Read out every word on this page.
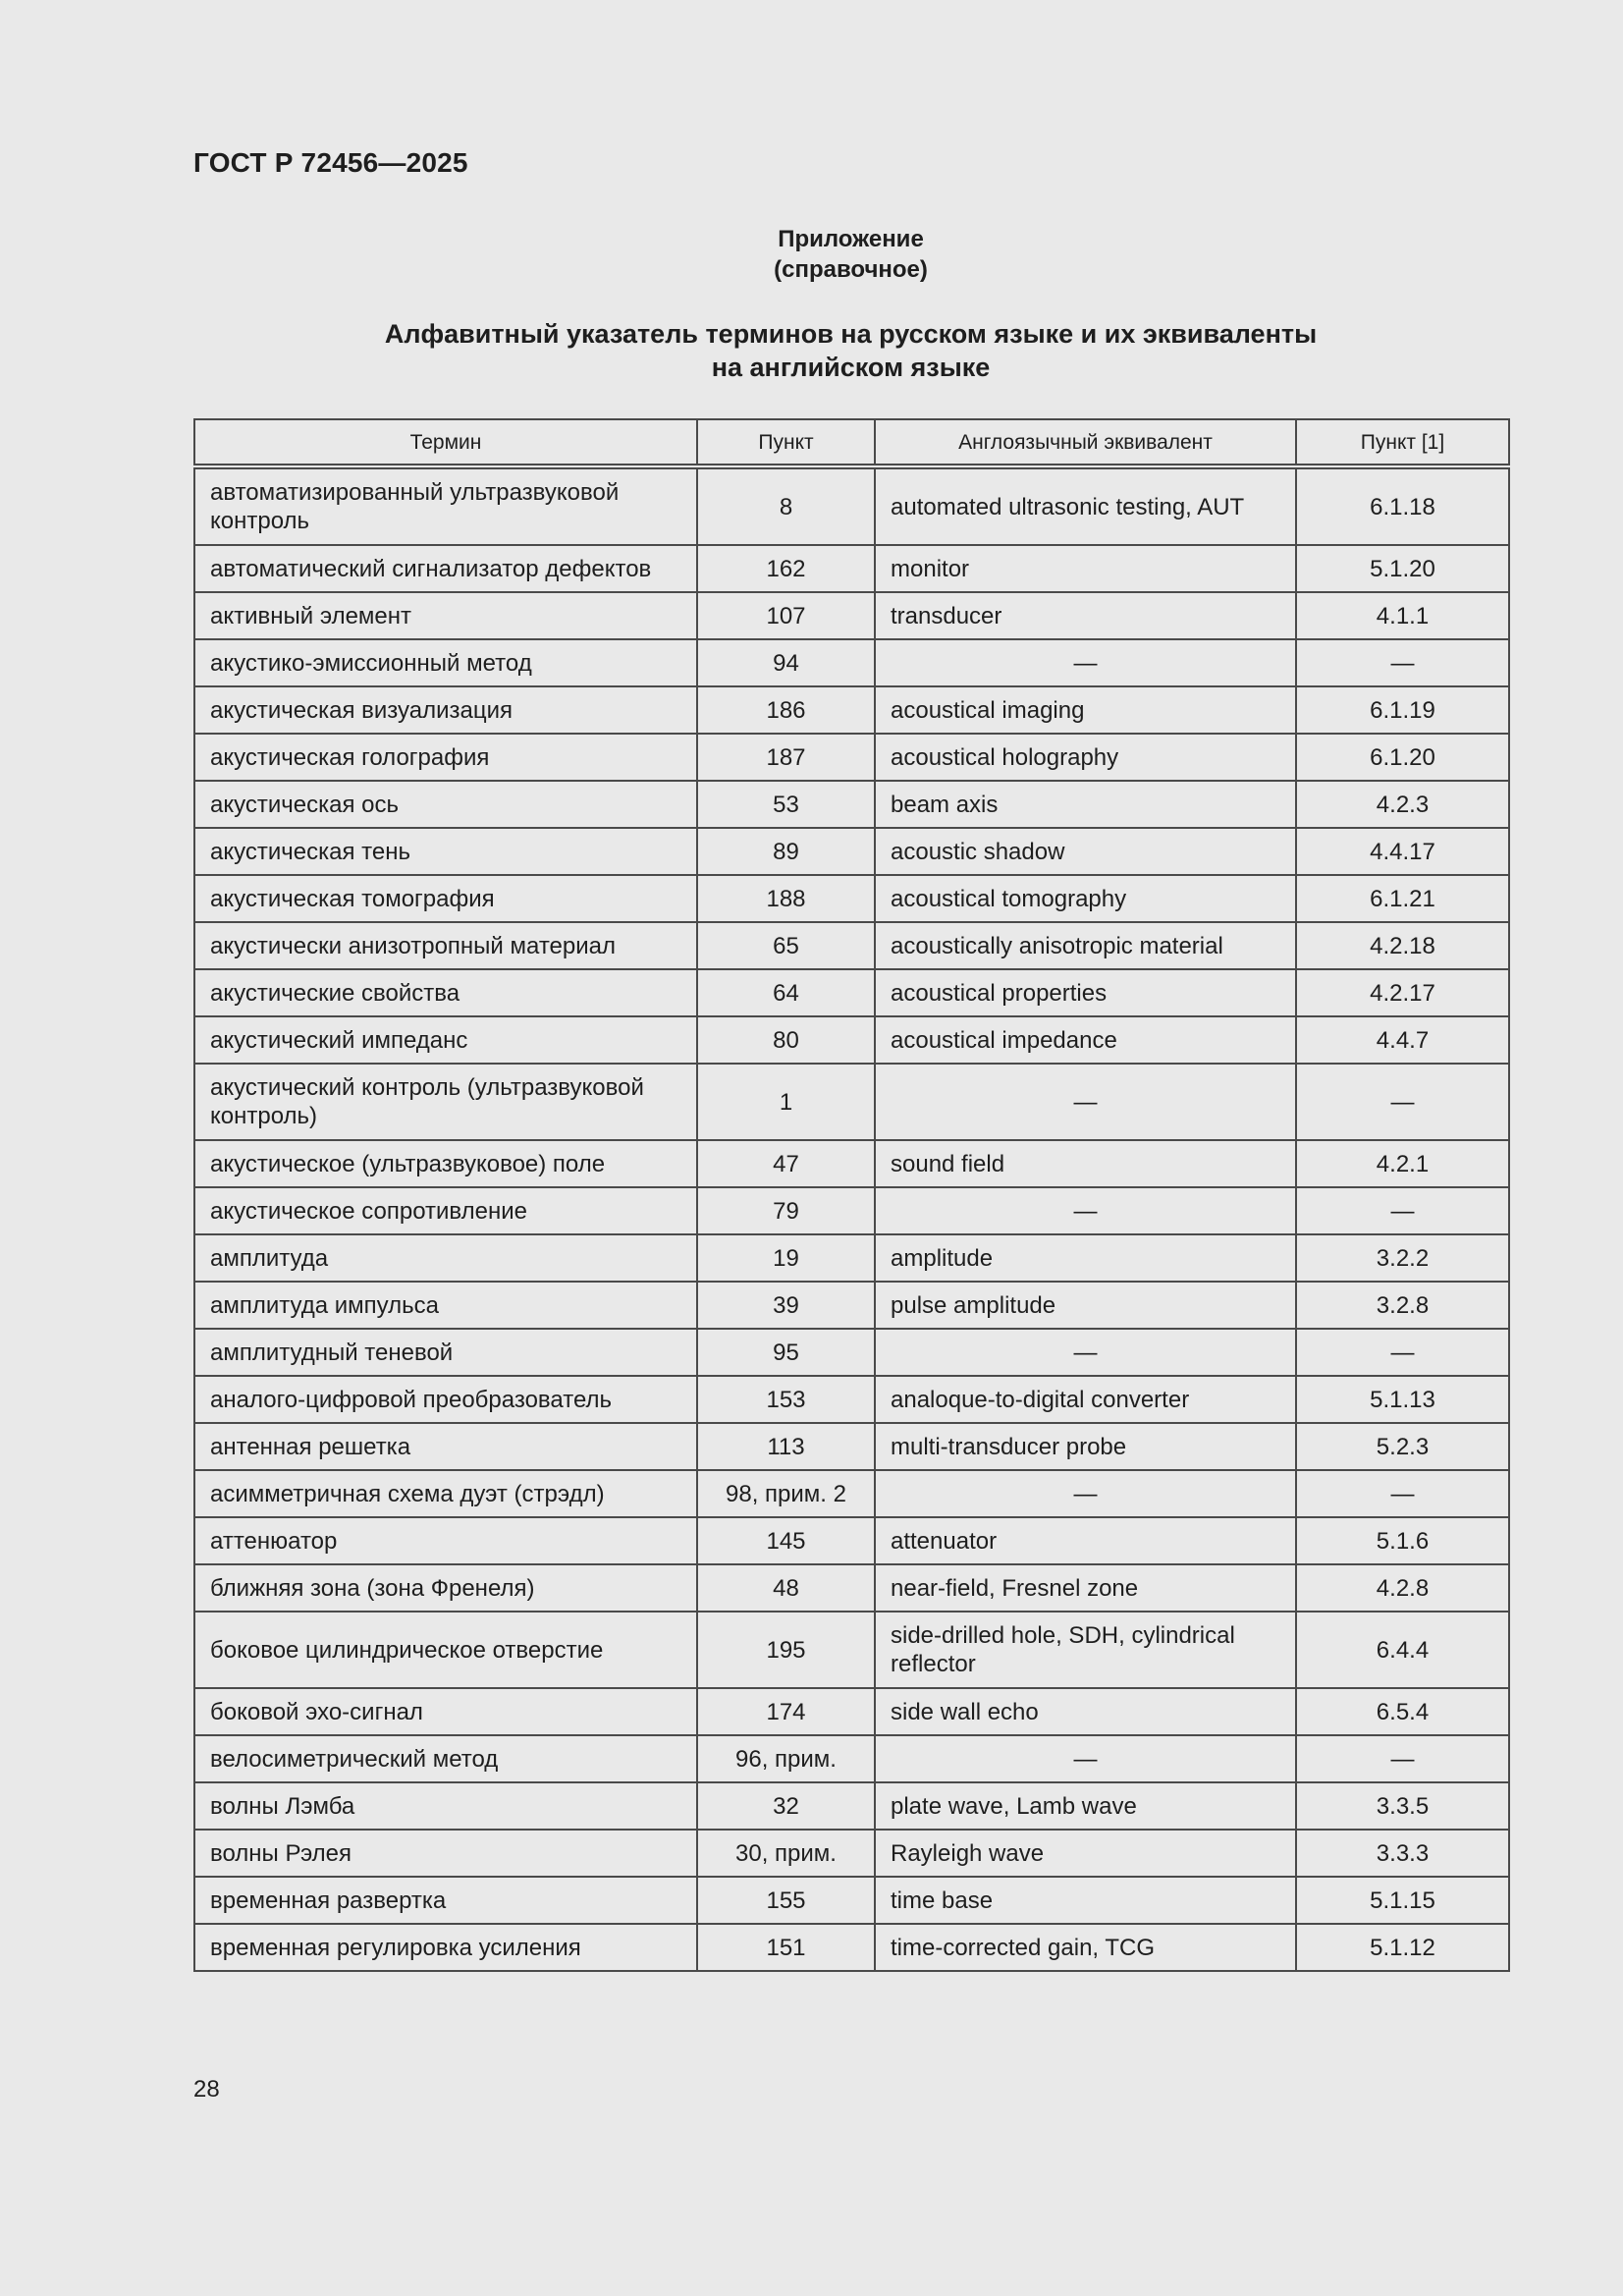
ГОСТ Р 72456—2025
Приложение
(справочное)
Алфавитный указатель терминов на русском языке и их эквиваленты
на английском языке
Термин	Пункт	Англоязычный эквивалент	Пункт [1]
автоматизированный ультразвуковой контроль	8	automated ultrasonic testing, AUT	6.1.18
автоматический сигнализатор дефектов	162	monitor	5.1.20
активный элемент	107	transducer	4.1.1
акустико-эмиссионный метод	94	—	—
акустическая визуализация	186	acoustical imaging	6.1.19
акустическая голография	187	acoustical holography	6.1.20
акустическая ось	53	beam axis	4.2.3
акустическая тень	89	acoustic shadow	4.4.17
акустическая томография	188	acoustical tomography	6.1.21
акустически анизотропный материал	65	acoustically anisotropic material	4.2.18
акустические свойства	64	acoustical properties	4.2.17
акустический импеданс	80	acoustical impedance	4.4.7
акустический контроль (ультразвуковой контроль)	1	—	—
акустическое (ультразвуковое) поле	47	sound field	4.2.1
акустическое сопротивление	79	—	—
амплитуда	19	amplitude	3.2.2
амплитуда импульса	39	pulse amplitude	3.2.8
амплитудный теневой	95	—	—
аналого-цифровой преобразователь	153	analoque-to-digital converter	5.1.13
антенная решетка	113	multi-transducer probe	5.2.3
асимметричная схема дуэт (стрэдл)	98, прим. 2	—	—
аттенюатор	145	attenuator	5.1.6
ближняя зона (зона Френеля)	48	near-field, Fresnel zone	4.2.8
боковое цилиндрическое отверстие	195	side-drilled hole, SDH, cylindrical reflector	6.4.4
боковой эхо-сигнал	174	side wall echo	6.5.4
велосиметрический метод	96, прим.	—	—
волны Лэмба	32	plate wave, Lamb wave	3.3.5
волны Рэлея	30, прим.	Rayleigh wave	3.3.3
временная развертка	155	time base	5.1.15
временная регулировка усиления	151	time-corrected gain, TCG	5.1.12
28
